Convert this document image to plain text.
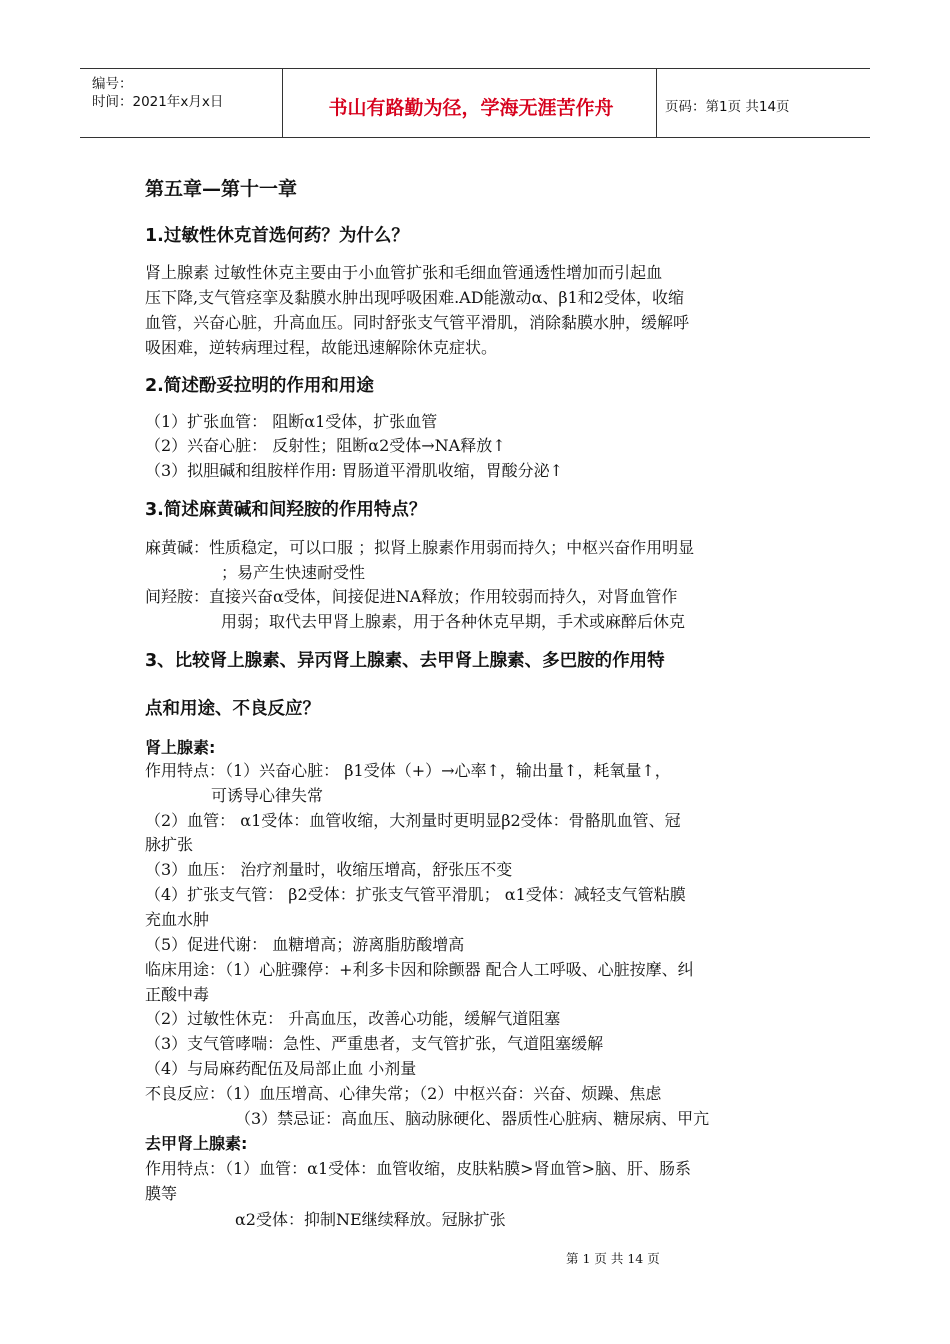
编号：
时间：2021年x月x日	书山有路勤为径，学海无涯苦作舟	页码：第1页 共14页
第五章—第十一章
1.过敏性休克首选何药？为什么？
肾上腺素 过敏性休克主要由于小血管扩张和毛细血管通透性增加而引起血
压下降,支气管痉挛及黏膜水肿出现呼吸困难.AD能激动α、β1和2受体，收缩
血管，兴奋心脏，升高血压。同时舒张支气管平滑肌，消除黏膜水肿，缓解呼
吸困难，逆转病理过程，故能迅速解除休克症状。
2.简述酚妥拉明的作用和用途
（1）扩张血管： 阻断α1受体，扩张血管
（2）兴奋心脏： 反射性；阻断α2受体→NA释放↑
（3）拟胆碱和组胺样作用: 胃肠道平滑肌收缩，胃酸分泌↑
3.简述麻黄碱和间羟胺的作用特点？
麻黄碱：性质稳定，可以口服 ；拟肾上腺素作用弱而持久；中枢兴奋作用明显
；易产生快速耐受性
间羟胺：直接兴奋α受体，间接促进NA释放；作用较弱而持久，对肾血管作
用弱；取代去甲肾上腺素，用于各种休克早期，手术或麻醉后休克
3、比较肾上腺素、异丙肾上腺素、去甲肾上腺素、多巴胺的作用特
点和用途、不良反应？
肾上腺素:
作用特点：（1）兴奋心脏： β1受体（+）→心率↑，输出量↑，耗氧量↑，
可诱导心律失常
（2）血管： α1受体：血管收缩，大剂量时更明显β2受体：骨骼肌血管、冠
脉扩张
（3）血压： 治疗剂量时，收缩压增高，舒张压不变
（4）扩张支气管： β2受体：扩张支气管平滑肌； α1受体：减轻支气管粘膜
充血水肿
（5）促进代谢： 血糖增高；游离脂肪酸增高
临床用途：（1）心脏骤停：+利多卡因和除颤器 配合人工呼吸、心脏按摩、纠
正酸中毒
（2）过敏性休克： 升高血压，改善心功能，缓解气道阻塞
（3）支气管哮喘：急性、严重患者，支气管扩张，气道阻塞缓解
（4）与局麻药配伍及局部止血 小剂量
不良反应：（1）血压增高、心律失常；（2）中枢兴奋：兴奋、烦躁、焦虑
（3）禁忌证：高血压、脑动脉硬化、器质性心脏病、糖尿病、甲亢
去甲肾上腺素:
作用特点：（1）血管：α1受体：血管收缩，皮肤粘膜>肾血管>脑、肝、肠系
膜等
α2受体：抑制NE继续释放。冠脉扩张
第 1 页 共 14 页
